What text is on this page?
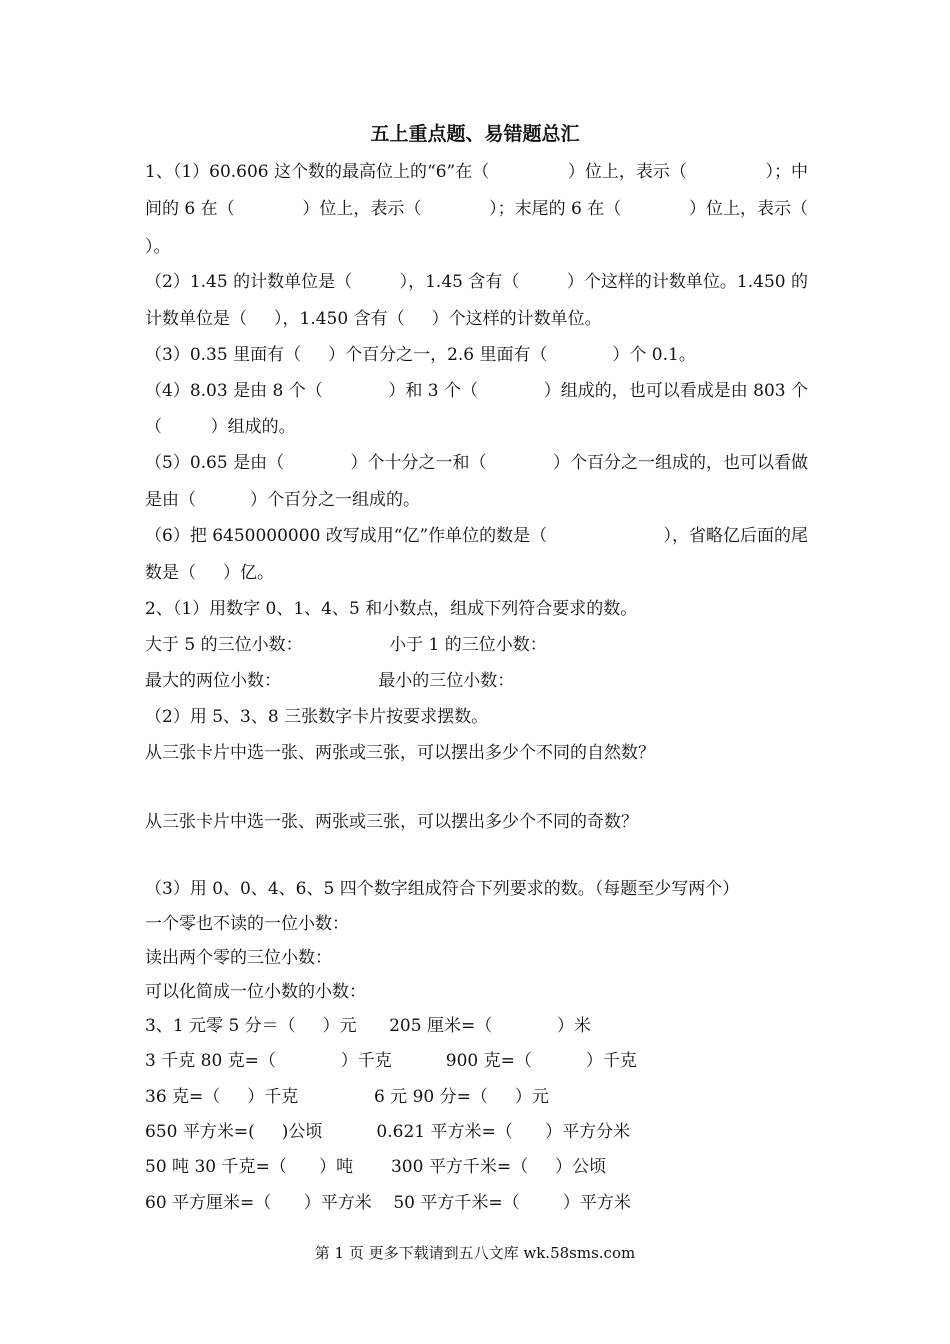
五上重点题、易错题总汇
1、（1）60.606 这个数的最高位上的“6”在（	）位上，表示（	）；中
间的 6 在（	）位上，表示（	）；末尾的 6 在（	）位上，表示（
）。
（2）1.45 的计数单位是（	），1.45 含有（	）个这样的计数单位。1.450 的
计数单位是（     ），1.450 含有（     ）个这样的计数单位。
（3）0.35 里面有（     ）个百分之一，2.6 里面有（            ）个 0.1。
（4）8.03 是由 8 个（	）和 3 个（	）组成的，也可以看成是由 803 个
（         ）组成的。
（5）0.65 是由（	）个十分之一和（	）个百分之一组成的，也可以看做
是由（          ）个百分之一组成的。
（6）把 6450000000 改写成用“亿”作单位的数是（	），省略亿后面的尾
数是（     ）亿。
2、（1）用数字 0、1、4、5 和小数点，组成下列符合要求的数。
大于 5 的三位小数：                小于 1 的三位小数：
最大的两位小数：                  最小的三位小数：
（2）用 5、3、8 三张数字卡片按要求摆数。
从三张卡片中选一张、两张或三张，可以摆出多少个不同的自然数？
从三张卡片中选一张、两张或三张，可以摆出多少个不同的奇数？
（3）用 0、0、4、6、5 四个数字组成符合下列要求的数。（每题至少写两个）
一个零也不读的一位小数：
读出两个零的三位小数：
可以化简成一位小数的小数：
3、1 元零 5 分＝（     ）元      205 厘米=（            ）米
3 千克 80 克=（            ）千克          900 克=（          ）千克
36 克=（     ）千克              6 元 90 分=（     ）元
650 平方米=(     )公顷          0.621 平方米=（      ）平方分米
50 吨 30 千克=（      ）吨       300 平方千米=（     ）公顷
60 平方厘米=（      ）平方米    50 平方千米=（        ）平方米
第 1 页 更多下载请到五八文库 wk.58sms.com
